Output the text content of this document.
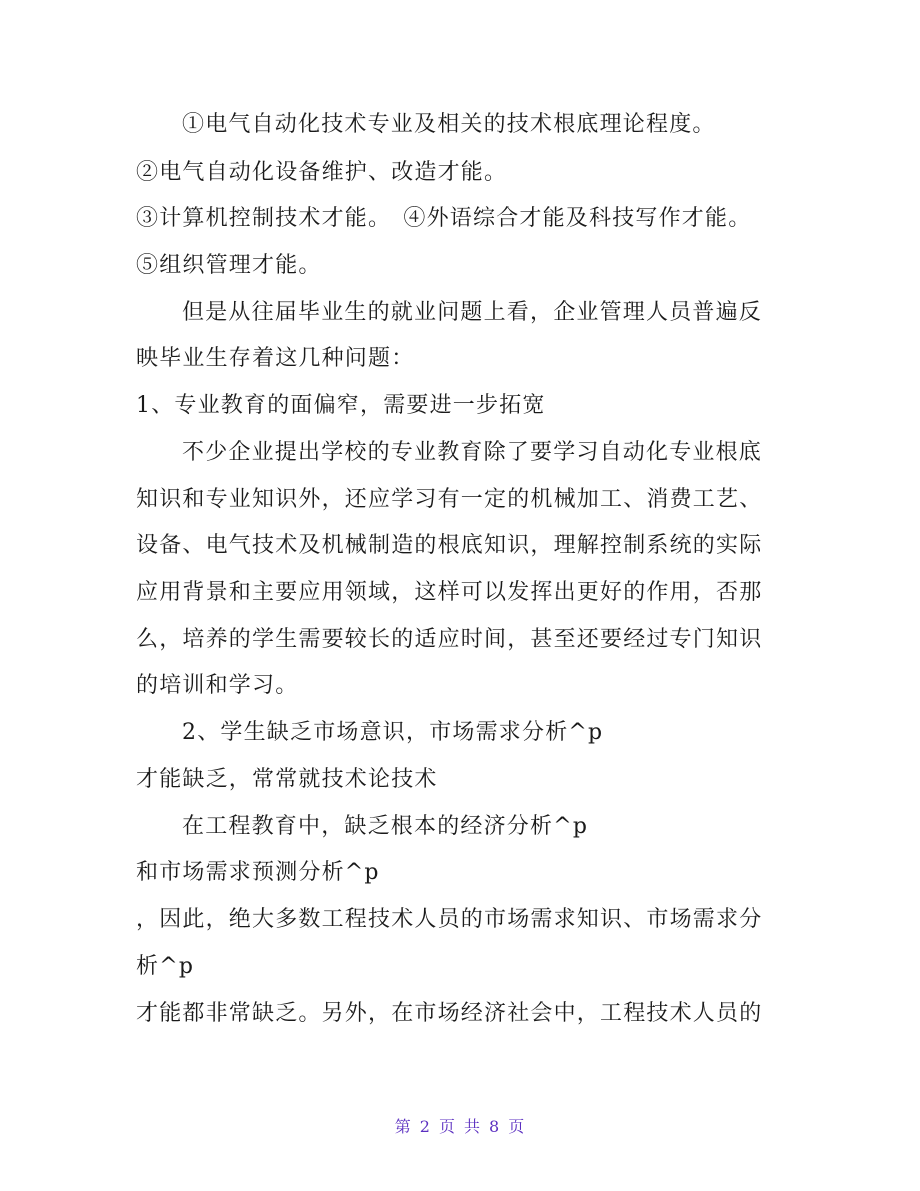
①电气自动化技术专业及相关的技术根底理论程度。
②电气自动化设备维护、改造才能。
③计算机控制技术才能。　④外语综合才能及科技写作才能。
⑤组织管理才能。
但是从往届毕业生的就业问题上看，企业管理人员普遍反
映毕业生存着这几种问题：
1、专业教育的面偏窄，需要进一步拓宽
不少企业提出学校的专业教育除了要学习自动化专业根底
知识和专业知识外，还应学习有一定的机械加工、消费工艺、
设备、电气技术及机械制造的根底知识，理解控制系统的实际
应用背景和主要应用领域，这样可以发挥出更好的作用，否那
么，培养的学生需要较长的适应时间，甚至还要经过专门知识
的培训和学习。
2、学生缺乏市场意识，市场需求分析^p
才能缺乏，常常就技术论技术
在工程教育中，缺乏根本的经济分析^p
和市场需求预测分析^p
，因此，绝大多数工程技术人员的市场需求知识、市场需求分
析^p
才能都非常缺乏。另外，在市场经济社会中，工程技术人员的
第 2 页 共 8 页
